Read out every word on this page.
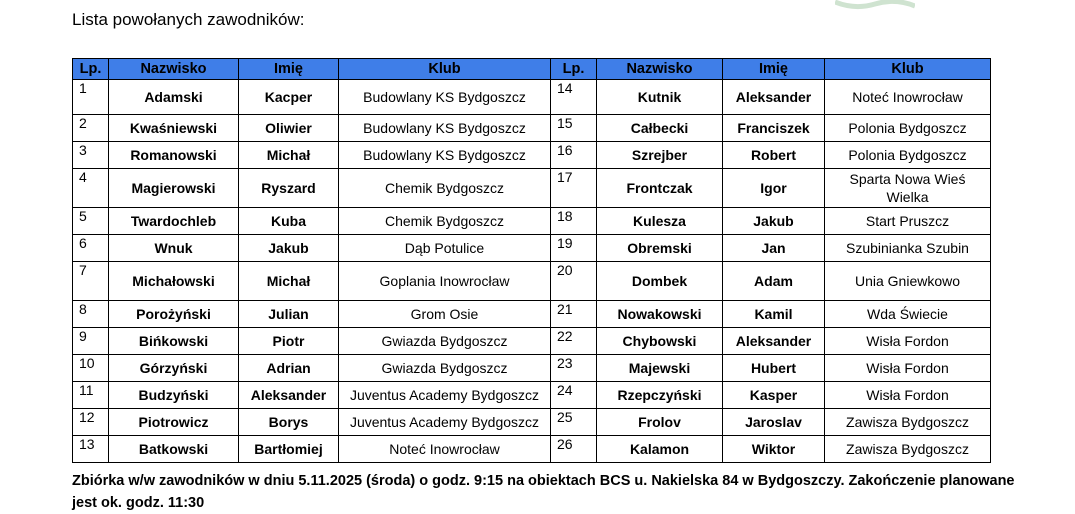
Lista powołanych zawodników:
Lp.	Nazwisko	Imię	Klub	Lp.	Nazwisko	Imię	Klub
1	Adamski	Kacper	Budowlany KS Bydgoszcz	14	Kutnik	Aleksander	Noteć Inowrocław
2	Kwaśniewski	Oliwier	Budowlany KS Bydgoszcz	15	Całbecki	Franciszek	Polonia Bydgoszcz
3	Romanowski	Michał	Budowlany KS Bydgoszcz	16	Szrejber	Robert	Polonia Bydgoszcz
4	Magierowski	Ryszard	Chemik Bydgoszcz	17	Frontczak	Igor	Sparta Nowa Wieś Wielka
5	Twardochleb	Kuba	Chemik Bydgoszcz	18	Kulesza	Jakub	Start Pruszcz
6	Wnuk	Jakub	Dąb Potulice	19	Obremski	Jan	Szubinianka Szubin
7	Michałowski	Michał	Goplania Inowrocław	20	Dombek	Adam	Unia Gniewkowo
8	Porożyński	Julian	Grom Osie	21	Nowakowski	Kamil	Wda Świecie
9	Bińkowski	Piotr	Gwiazda Bydgoszcz	22	Chybowski	Aleksander	Wisła Fordon
10	Górzyński	Adrian	Gwiazda Bydgoszcz	23	Majewski	Hubert	Wisła Fordon
11	Budzyński	Aleksander	Juventus Academy Bydgoszcz	24	Rzepczyński	Kasper	Wisła Fordon
12	Piotrowicz	Borys	Juventus Academy Bydgoszcz	25	Frolov	Jaroslav	Zawisza Bydgoszcz
13	Batkowski	Bartłomiej	Noteć Inowrocław	26	Kalamon	Wiktor	Zawisza Bydgoszcz
Zbiórka w/w zawodników w dniu 5.11.2025 (środa) o godz. 9:15 na obiektach BCS u. Nakielska 84 w Bydgoszczy. Zakończenie planowane jest ok. godz. 11:30
